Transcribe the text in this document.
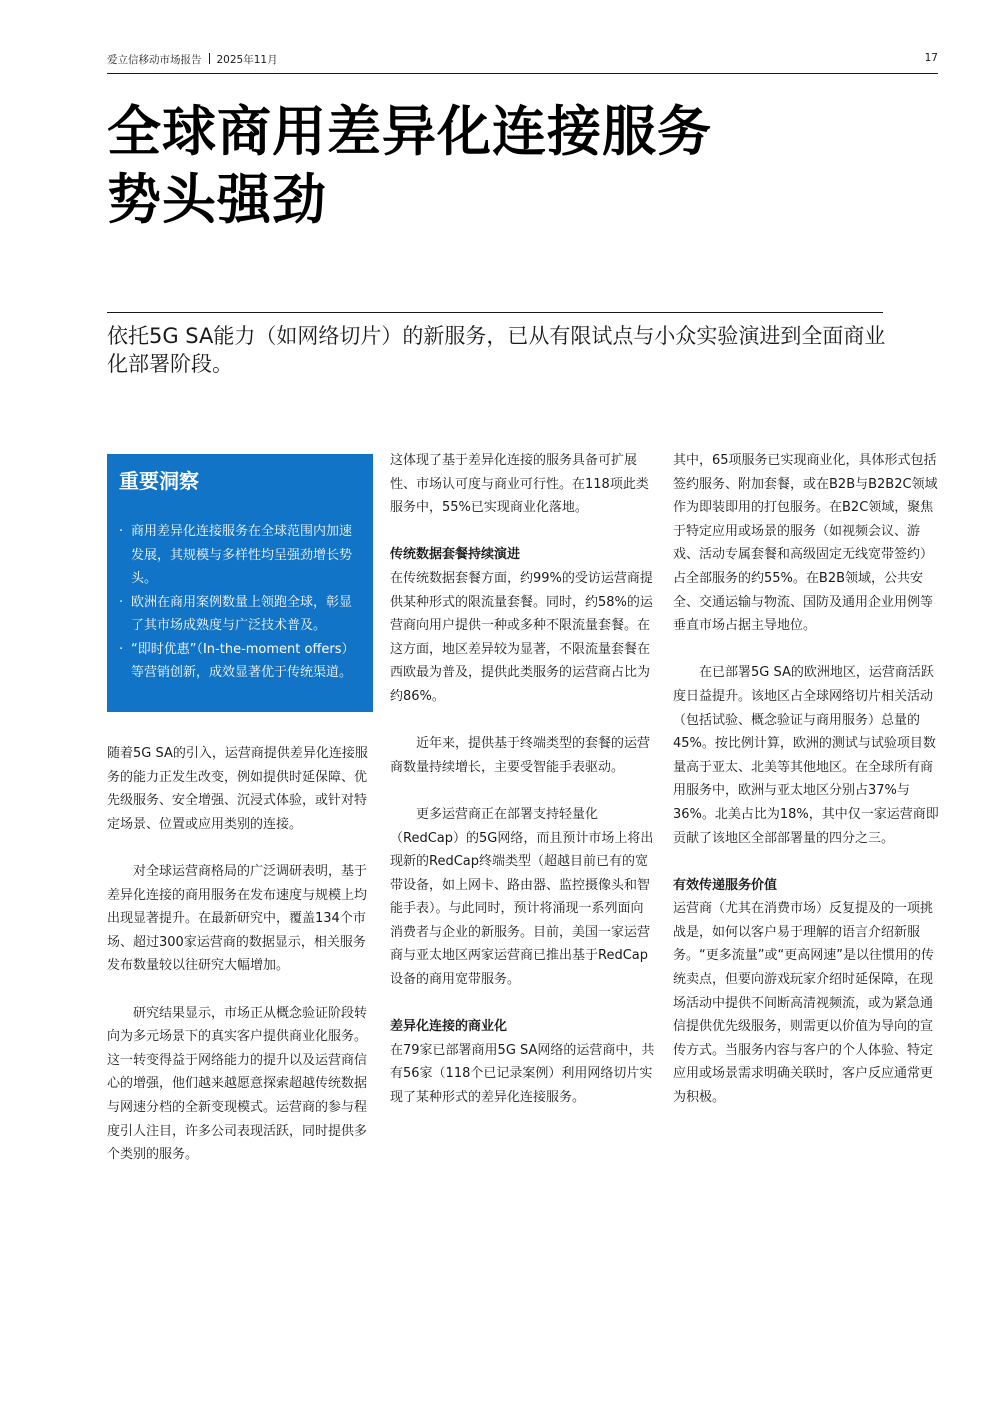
爱立信移动市场报告 2025年11月	17
全球商用差异化连接服务
势头强劲

依托5G SA能力（如网络切片）的新服务，已从有限试点与小众实验演进到全面商业化部署阶段。

重要洞察
· 商用差异化连接服务在全球范围内加速发展，其规模与多样性均呈强劲增长势头。
· 欧洲在商用案例数量上领跑全球，彰显了其市场成熟度与广泛技术普及。
· “即时优惠”（In-the-moment offers）等营销创新，成效显著优于传统渠道。

随着5G SA的引入，运营商提供差异化连接服务的能力正发生改变，例如提供时延保障、优先级服务、安全增强、沉浸式体验，或针对特定场景、位置或应用类别的连接。

对全球运营商格局的广泛调研表明，基于差异化连接的商用服务在发布速度与规模上均出现显著提升。在最新研究中，覆盖134个市场、超过300家运营商的数据显示，相关服务发布数量较以往研究大幅增加。

研究结果显示，市场正从概念验证阶段转向为多元场景下的真实客户提供商业化服务。这一转变得益于网络能力的提升以及运营商信心的增强，他们越来越愿意探索超越传统数据与网速分档的全新变现模式。运营商的参与程度引人注目，许多公司表现活跃，同时提供多个类别的服务。

这体现了基于差异化连接的服务具备可扩展性、市场认可度与商业可行性。在118项此类服务中，55%已实现商业化落地。

传统数据套餐持续演进

在传统数据套餐方面，约99%的受访运营商提供某种形式的限流量套餐。同时，约58%的运营商向用户提供一种或多种不限流量套餐。在这方面，地区差异较为显著，不限流量套餐在西欧最为普及，提供此类服务的运营商占比为约86%。

近年来，提供基于终端类型的套餐的运营商数量持续增长，主要受智能手表驱动。

更多运营商正在部署支持轻量化（RedCap）的5G网络，而且预计市场上将出现新的RedCap终端类型（超越目前已有的宽带设备，如上网卡、路由器、监控摄像头和智能手表）。与此同时，预计将涌现一系列面向消费者与企业的新服务。目前，美国一家运营商与亚太地区两家运营商已推出基于RedCap设备的商用宽带服务。

差异化连接的商业化

在79家已部署商用5G SA网络的运营商中，共有56家（118个已记录案例）利用网络切片实现了某种形式的差异化连接服务。

其中，65项服务已实现商业化，具体形式包括签约服务、附加套餐，或在B2B与B2B2C领域作为即装即用的打包服务。在B2C领域，聚焦于特定应用或场景的服务（如视频会议、游戏、活动专属套餐和高级固定无线宽带签约）占全部服务的约55%。在B2B领域，公共安全、交通运输与物流、国防及通用企业用例等垂直市场占据主导地位。

在已部署5G SA的欧洲地区，运营商活跃度日益提升。该地区占全球网络切片相关活动（包括试验、概念验证与商用服务）总量的45%。按比例计算，欧洲的测试与试验项目数量高于亚太、北美等其他地区。在全球所有商用服务中，欧洲与亚太地区分别占37%与36%。北美占比为18%，其中仅一家运营商即贡献了该地区全部部署量的四分之三。

有效传递服务价值

运营商（尤其在消费市场）反复提及的一项挑战是，如何以客户易于理解的语言介绍新服务。“更多流量”或“更高网速”是以往惯用的传统卖点，但要向游戏玩家介绍时延保障，在现场活动中提供不间断高清视频流，或为紧急通信提供优先级服务，则需更以价值为导向的宣传方式。当服务内容与客户的个人体验、特定应用或场景需求明确关联时，客户反应通常更为积极。
